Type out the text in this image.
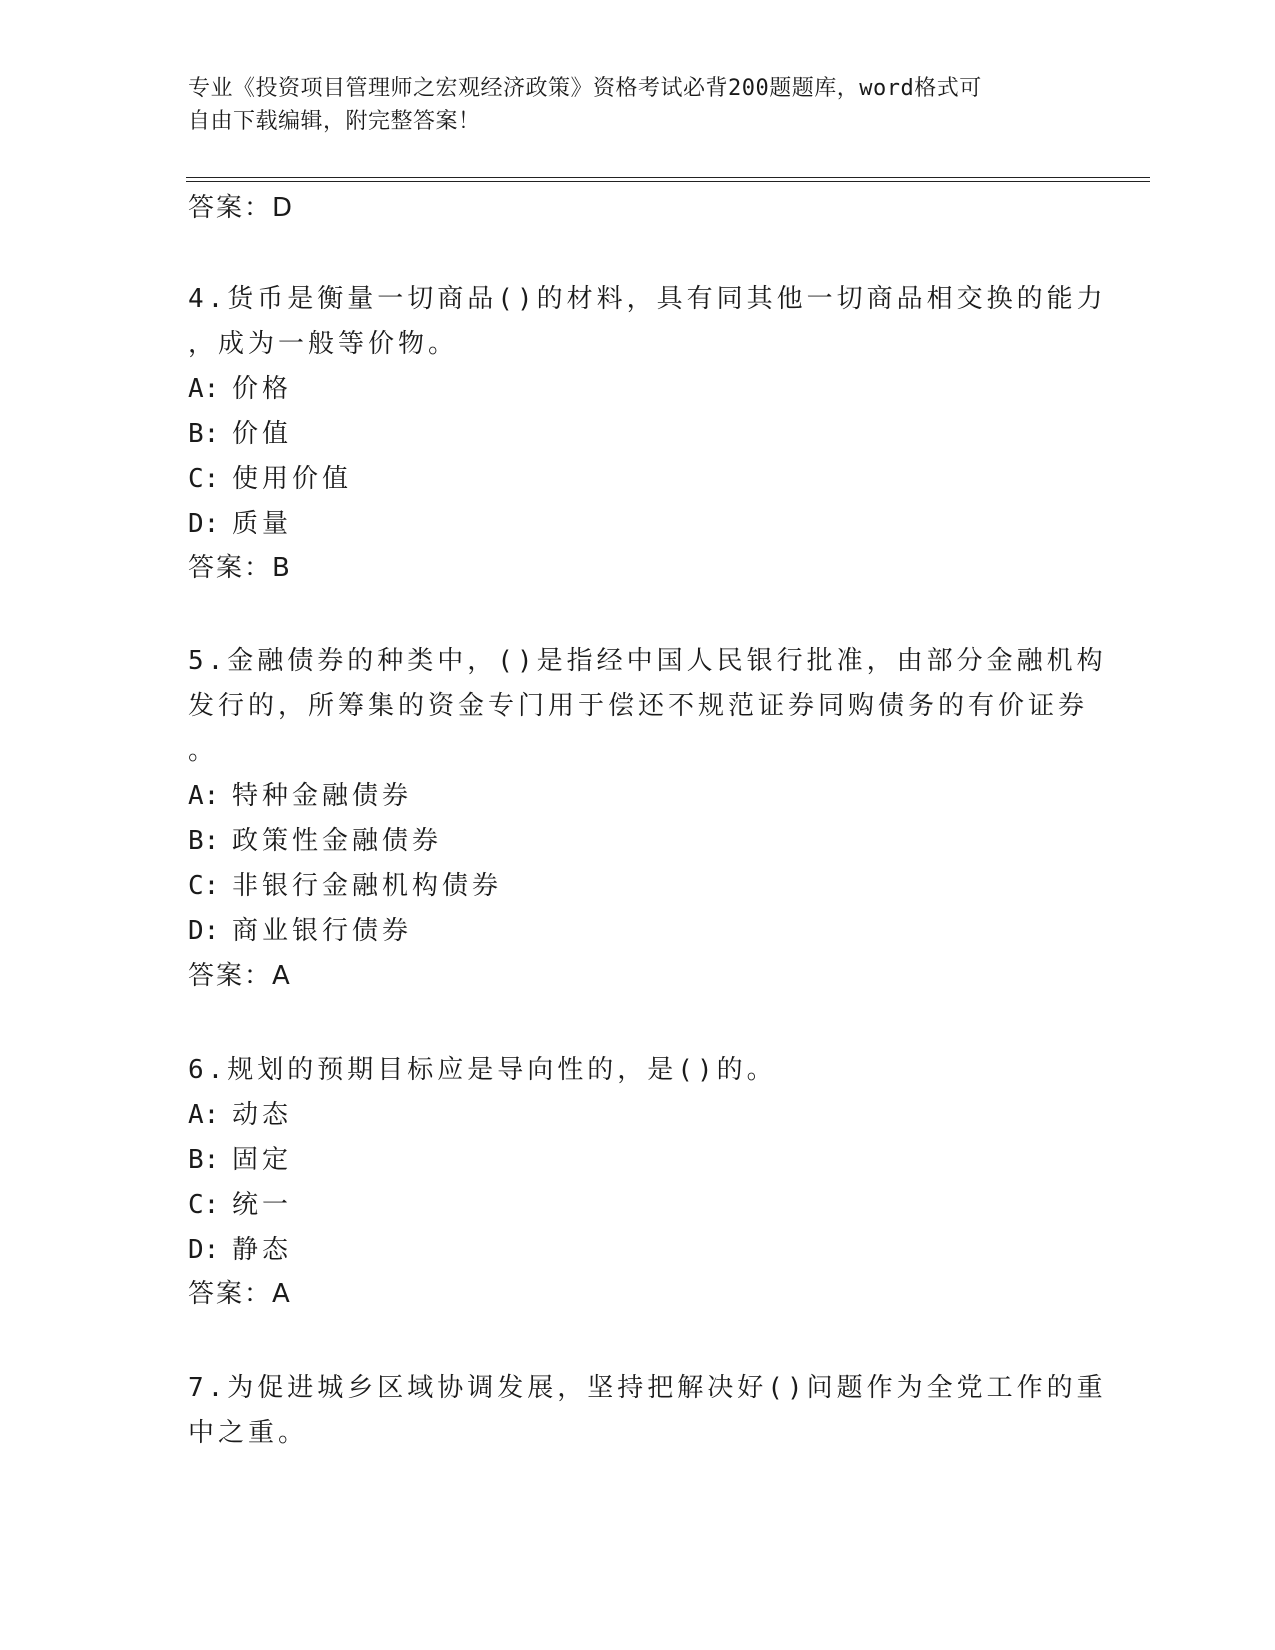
专业《投资项目管理师之宏观经济政策》资格考试必背200题题库，word格式可
自由下载编辑，附完整答案！
答案：D
4.货币是衡量一切商品()的材料，具有同其他一切商品相交换的能力
，成为一般等价物。
A: 价格
B: 价值
C: 使用价值
D: 质量
答案：B
5.金融债券的种类中，()是指经中国人民银行批准，由部分金融机构
发行的，所筹集的资金专门用于偿还不规范证券同购债务的有价证券
。
A: 特种金融债券
B: 政策性金融债券
C: 非银行金融机构债券
D: 商业银行债券
答案：A
6.规划的预期目标应是导向性的，是()的。
A: 动态
B: 固定
C: 统一
D: 静态
答案：A
7.为促进城乡区域协调发展，坚持把解决好()问题作为全党工作的重
中之重。
